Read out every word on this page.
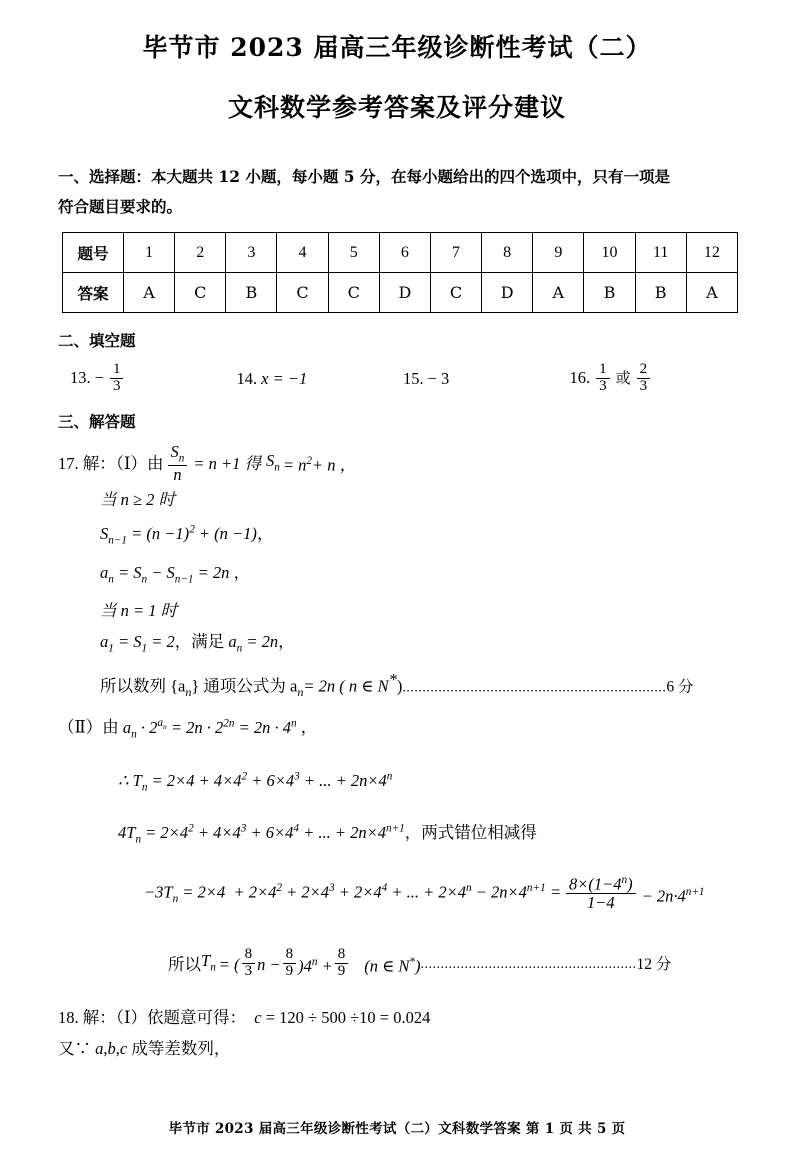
毕节市 2023 届高三年级诊断性考试（二）
文科数学参考答案及评分建议
一、选择题：本大题共 12 小题，每小题 5 分，在每小题给出的四个选项中，只有一项是
符合题目要求的。
题号	1	2	3	4	5	6	7	8	9	10	11	12
答案	A	C	B	C	C	D	C	D	A	B	B	A
二、填空题
13. − $\frac{1}{3}$	14. x = −1	15. − 3	16. $\frac{1}{3}$ 或 $\frac{2}{3}$
三、解答题
17. 解：（Ⅰ）由 $\frac{S_n}{n} = n +1$ 得 $S_n = n^2+ n$ ，
当 n ≥ 2 时
$S_{n-1} = (n -1)^2 + (n -1)$，
$a_n = S_n - S_{n-1} = 2n$ ，
当 n = 1 时
$a_1 = S_1 = 2$，满足 $a_n = 2n$，
所以数列 $\{a_n\}$ 通项公式为 $a_n= 2n$ ( n ∈ N*)..................................................................6 分
（Ⅱ）由 $a_n \cdot 2^{a_n} = 2n \cdot 2^{2n} = 2n \cdot 4^n$ ，
∴ $T_n = 2\times 4 + 4\times 4^2 + 6\times 4^3$ + ... + $2n\times 4^n$
$4T_n = 2\times 4^2 + 4\times 4^3 + 6\times 4^4$ + ... + $2n\times 4^{n+1}$，两式错位相减得
$-3T_n = 2\times 4 + 2\times 4^2 + 2\times 4^3 + 2\times 4^4$ + ... + $2\times 4^n - 2n\times 4^{n+1} = \frac{8\times(1-4^n)}{1-4} - 2n\cdot 4^{n+1}$
所以 $T_n$ = ( $\frac{8}{3}$ $n - \frac{8}{9} )4^n + \frac{8}{9} (n$ ∈ N*) ...................................................... 12 分
18. 解：（Ⅰ）依题意可得：  c = 120 ÷ 500 ÷10 = 0.024
又∵ a,b,c 成等差数列，
毕节市 2023 届高三年级诊断性考试（二）文科数学答案 第 1 页 共 5 页
